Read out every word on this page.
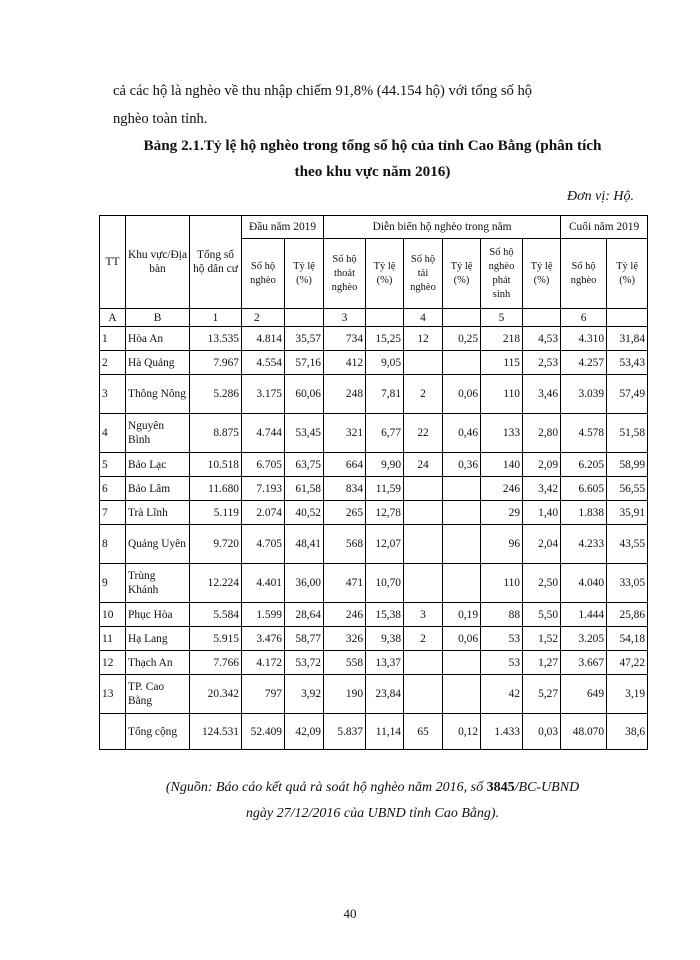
cả các hộ là nghèo về thu nhập chiếm 91,8% (44.154 hộ) với tổng số hộ

nghèo toàn tỉnh.

Bảng 2.1.Tỷ lệ hộ nghèo trong tổng số hộ của tỉnh Cao Bằng (phân tích
theo khu vực năm 2016)
Đơn vị: Hộ.
TT	Khu vực/Địa bàn	Tổng số hộ dân cư	Đầu năm 2019		Diễn biến hộ nghèo trong năm						Cuối năm 2019	
			Số hộ nghèo	Tỷ lệ (%)	Số hộ thoát nghèo	Tỷ lệ (%)	Số hộ tái nghèo	Tỷ lệ (%)	Số hộ nghèo phát sinh	Tỷ lệ (%)	Số hộ nghèo	Tỷ lệ (%)
A	B	1	2		3		4		5		6	
1	Hòa An	13.535	4.814	35,57	734	15,25	12	0,25	218	4,53	4.310	31,84
2	Hà Quảng	7.967	4.554	57,16	412	9,05			115	2,53	4.257	53,43
3	Thông Nông	5.286	3.175	60,06	248	7,81	2	0,06	110	3,46	3.039	57,49
4	Nguyên Bình	8.875	4.744	53,45	321	6,77	22	0,46	133	2,80	4.578	51,58
5	Bảo Lạc	10.518	6.705	63,75	664	9,90	24	0,36	140	2,09	6.205	58,99
6	Bảo Lâm	11.680	7.193	61,58	834	11,59			246	3,42	6.605	56,55
7	Trà Lĩnh	5.119	2.074	40,52	265	12,78			29	1,40	1.838	35,91
8	Quảng Uyên	9.720	4.705	48,41	568	12,07			96	2,04	4.233	43,55
9	Trùng Khánh	12.224	4.401	36,00	471	10,70			110	2,50	4.040	33,05
10	Phục Hòa	5.584	1.599	28,64	246	15,38	3	0,19	88	5,50	1.444	25,86
11	Hạ Lang	5.915	3.476	58,77	326	9,38	2	0,06	53	1,52	3.205	54,18
12	Thạch An	7.766	4.172	53,72	558	13,37			53	1,27	3.667	47,22
13	TP. Cao Bằng	20.342	797	3,92	190	23,84			42	5,27	649	3,19
	Tổng cộng	124.531	52.409	42,09	5.837	11,14	65	0,12	1.433	0,03	48.070	38,6
(Nguồn: Báo cáo kết quả rà soát hộ nghèo năm 2016, số 3845/BC-UBND
ngày 27/12/2016 của UBND tỉnh Cao Bằng).
40
